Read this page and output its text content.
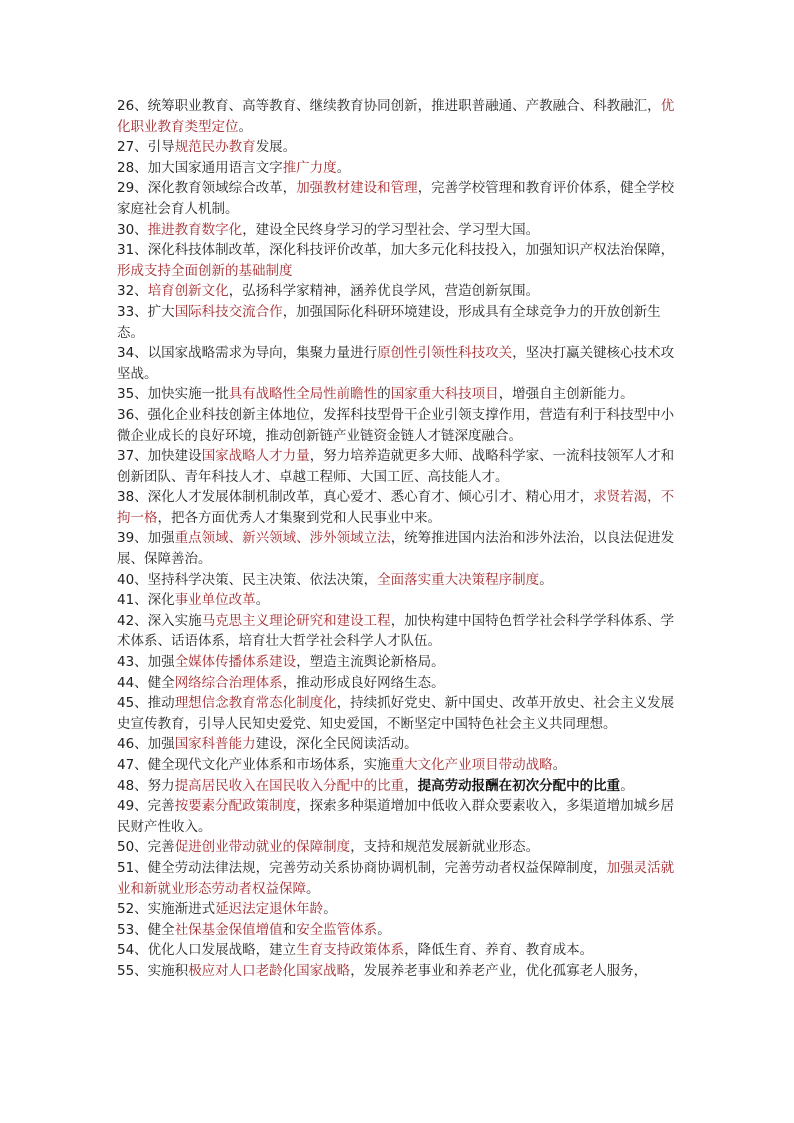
26、统筹职业教育、高等教育、继续教育协同创新，推进职普融通、产教融合、科教融汇，优化职业教育类型定位。

27、引导规范民办教育发展。

28、加大国家通用语言文字推广力度。

29、深化教育领域综合改革，加强教材建设和管理，完善学校管理和教育评价体系，健全学校家庭社会育人机制。

30、推进教育数字化，建设全民终身学习的学习型社会、学习型大国。

31、深化科技体制改革，深化科技评价改革，加大多元化科技投入，加强知识产权法治保障，形成支持全面创新的基础制度

32、培育创新文化，弘扬科学家精神，涵养优良学风，营造创新氛围。

33、扩大国际科技交流合作，加强国际化科研环境建设，形成具有全球竞争力的开放创新生态。

34、以国家战略需求为导向，集聚力量进行原创性引领性科技攻关，坚决打赢关键核心技术攻坚战。

35、加快实施一批具有战略性全局性前瞻性的国家重大科技项目，增强自主创新能力。

36、强化企业科技创新主体地位，发挥科技型骨干企业引领支撑作用，营造有利于科技型中小微企业成长的良好环境，推动创新链产业链资金链人才链深度融合。

37、加快建设国家战略人才力量，努力培养造就更多大师、战略科学家、一流科技领军人才和创新团队、青年科技人才、卓越工程师、大国工匠、高技能人才。

38、深化人才发展体制机制改革，真心爱才、悉心育才、倾心引才、精心用才，求贤若渴，不拘一格，把各方面优秀人才集聚到党和人民事业中来。

39、加强重点领域、新兴领域、涉外领域立法，统筹推进国内法治和涉外法治，以良法促进发展、保障善治。

40、坚持科学决策、民主决策、依法决策，全面落实重大决策程序制度。

41、深化事业单位改革。

42、深入实施马克思主义理论研究和建设工程，加快构建中国特色哲学社会科学学科体系、学术体系、话语体系，培育壮大哲学社会科学人才队伍。

43、加强全媒体传播体系建设，塑造主流舆论新格局。

44、健全网络综合治理体系，推动形成良好网络生态。

45、推动理想信念教育常态化制度化，持续抓好党史、新中国史、改革开放史、社会主义发展史宣传教育，引导人民知史爱党、知史爱国，不断坚定中国特色社会主义共同理想。

46、加强国家科普能力建设，深化全民阅读活动。

47、健全现代文化产业体系和市场体系，实施重大文化产业项目带动战略。

48、努力提高居民收入在国民收入分配中的比重，提高劳动报酬在初次分配中的比重。

49、完善按要素分配政策制度，探索多种渠道增加中低收入群众要素收入，多渠道增加城乡居民财产性收入。

50、完善促进创业带动就业的保障制度，支持和规范发展新就业形态。

51、健全劳动法律法规，完善劳动关系协商协调机制，完善劳动者权益保障制度，加强灵活就业和新就业形态劳动者权益保障。

52、实施渐进式延迟法定退休年龄。

53、健全社保基金保值增值和安全监管体系。

54、优化人口发展战略，建立生育支持政策体系，降低生育、养育、教育成本。

55、实施积极应对人口老龄化国家战略，发展养老事业和养老产业，优化孤寡老人服务，
